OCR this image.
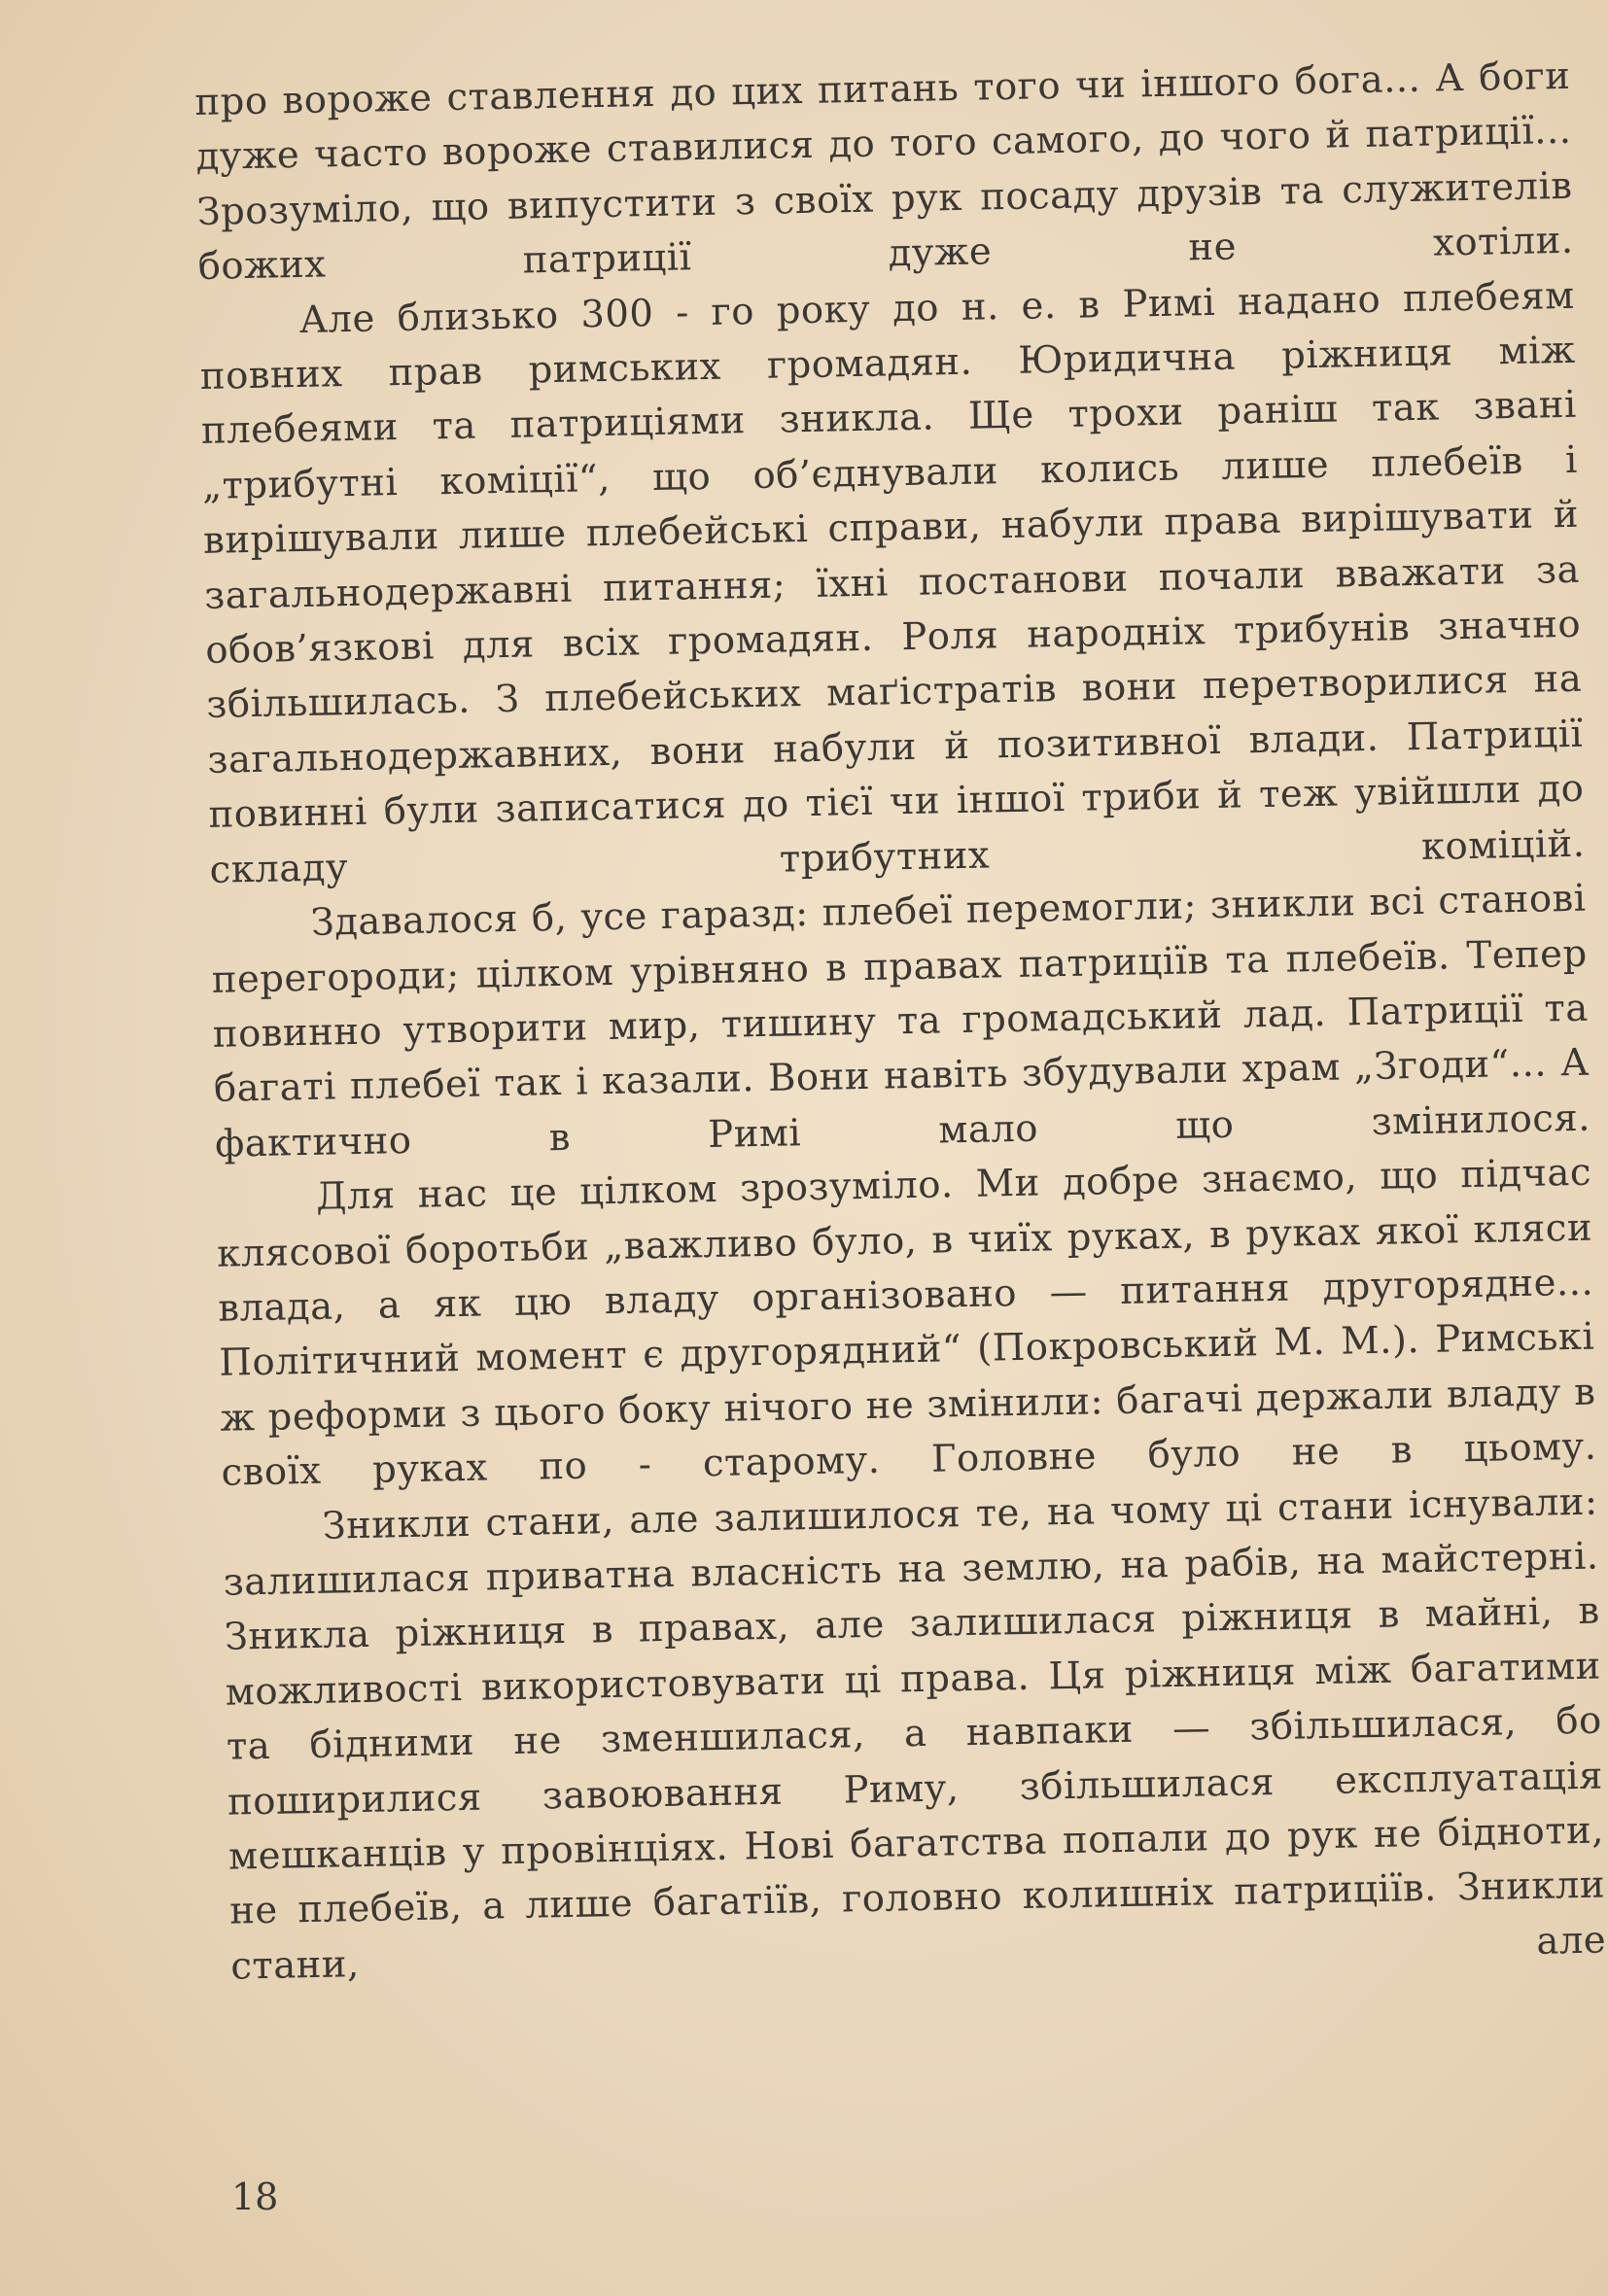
про вороже ставлення до цих питань того чи іншого бога... А боги дуже часто вороже ставилися до того самого, до чого й патриції... Зрозуміло, що випустити з своїх рук посаду друзів та служителів божих патриції дуже не хотіли.

Але близько 300 - го року до н. е. в Римі надано плебеям повних прав римських громадян. Юридична ріжниця між плебеями та патриціями зникла. Ще трохи раніш так звані „трибутні комiції“, що об’єднували колись лише плебеїв і вирішували лише плебейські справи, набули права вирішувати й загальнодержавні питання; їхні постанови почали вважати за обов’язкові для всіх громадян. Роля народніх трибунів значно збільшилась. З плебейських маґістратів вони перетворилися на загальнодержавних, вони набули й позитивної влади. Патриції повинні були записатися до тієї чи іншої триби й теж увійшли до складу трибутних комiцій.

Здавалося б, усе гаразд: плебеї перемогли; зникли всі станові перегороди; цілком урівняно в правах патриціїв та плебеїв. Тепер повинно утворити мир, тишину та громадський лад. Патриції та багаті плебеї так і казали. Вони навіть збудували храм „Згоди“... А фактично в Римі мало що змінилося.

Для нас це цілком зрозуміло. Ми добре знаємо, що підчас клясової боротьби „важливо було, в чиїх руках, в руках якої кляси влада, а як цю владу організовано — питання другорядне... Політичний момент є другорядний“ (Покровський М. М.). Римські ж реформи з цього боку нічого не змінили: багачі держали владу в своїх руках по - старому. Головне було не в цьому.

Зникли стани, але залишилося те, на чому ці стани існували: залишилася приватна власність на землю, на рабів, на майстерні. Зникла ріжниця в правах, але залишилася ріжниця в майні, в можливості використовувати ці права. Ця ріжниця між багатими та бідними не зменшилася, а навпаки — збільшилася, бо поширилися завоювання Риму, збільшилася експлуатація мешканців у провінціях. Нові багатства попали до рук не бідноти, не плебеїв, а лише багатіїв, головно колишніх патриціїв. Зникли стани, але

18
